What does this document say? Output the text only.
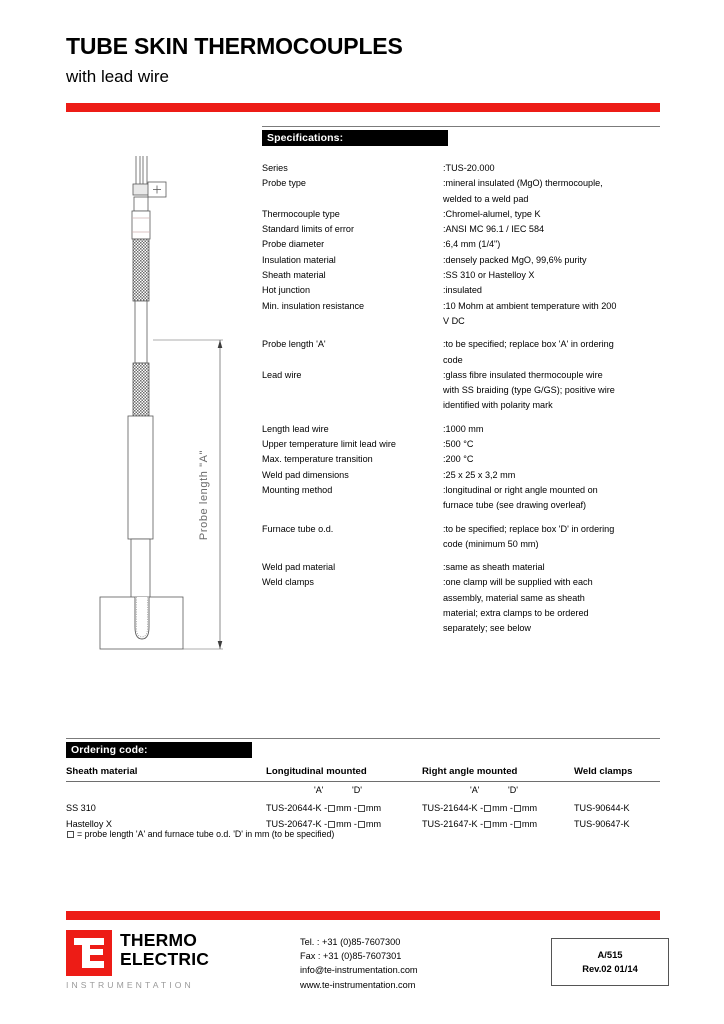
TUBE SKIN THERMOCOUPLES
with lead wire
Probe length "A"
Specifications:

Series	:TUS-20.000
Probe type	:mineral insulated (MgO) thermocouple,
welded to a weld pad

Thermocouple type	:Chromel-alumel, type K
Standard limits of error	:ANSI MC 96.1 / IEC 584
Probe diameter	:6,4 mm (1/4")
Insulation material	:densely packed MgO, 99,6% purity
Sheath material	:SS 310 or Hastelloy X
Hot junction	:insulated
Min. insulation resistance	:10 Mohm at ambient temperature with 200
V DC

Probe length 'A'	:to be specified; replace box 'A' in ordering
code

Lead wire	:glass fibre insulated thermocouple wire
with SS braiding (type G/GS); positive wire
identified with polarity mark

Length lead wire	:1000 mm
Upper temperature limit lead wire	:500 °C
Max. temperature transition	:200 °C
Weld pad dimensions	:25 x 25 x 3,2 mm
Mounting method	:longitudinal or right angle mounted on
furnace tube (see drawing overleaf)

Furnace tube o.d.	:to be specified; replace box 'D' in ordering
code (minimum 50 mm)

Weld pad material	:same as sheath material
Weld clamps	:one clamp will be supplied with each
assembly, material same as sheath
material; extra clamps to be ordered
separately; see below
Ordering code:
Sheath material	Longitudinal mounted	Right angle mounted	Weld clamps

	'A' 'D'	'A' 'D'	

SS 310	TUS-20644-K - mm - mm	TUS-21644-K - mm - mm	TUS-90644-K
Hastelloy X	TUS-20647-K - mm - mm	TUS-21647-K - mm - mm	TUS-90647-K
= probe length 'A' and furnace tube o.d. 'D' in mm (to be specified)
THERMO
ELECTRIC
INSTRUMENTATION
Tel. : +31 (0)85-7607300
Fax : +31 (0)85-7607301
info@te-instrumentation.com
www.te-instrumentation.com
A/515
Rev.02 01/14
